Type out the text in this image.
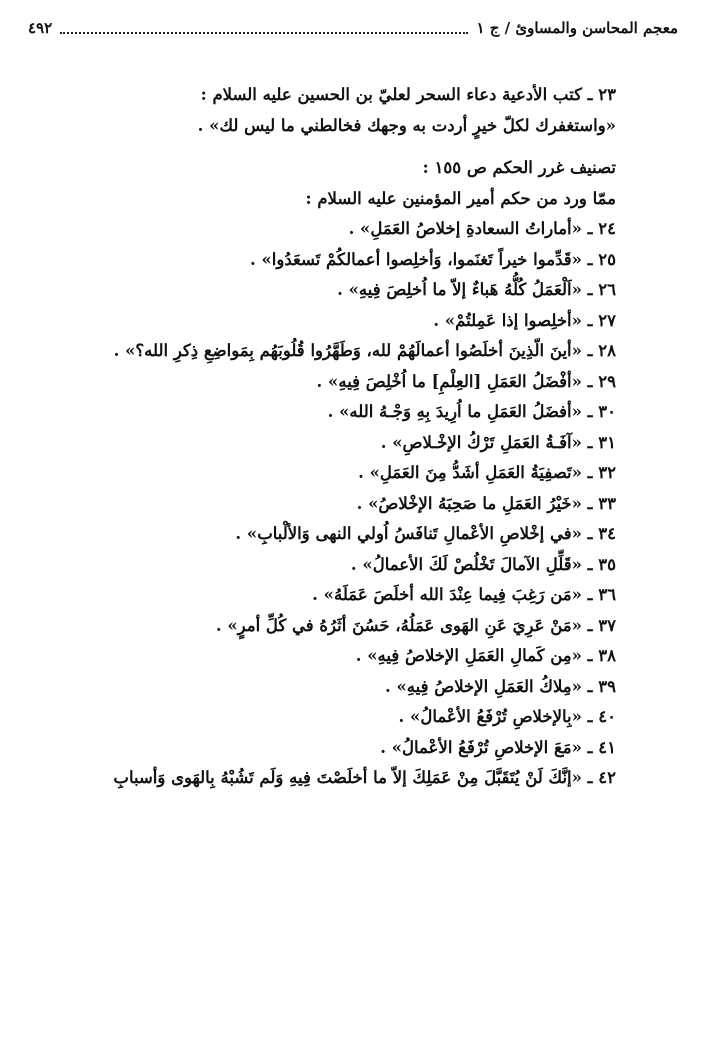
معجم المحاسن والمساوئ / ج ١
٤٩٢
٢٣ ـ كتب الأدعية دعاء السحر لعليّ بن الحسين عليه السلام :
«واستغفرك لكلّ خيرٍ أردت به وجهك فخالطني ما ليس لك» .
تصنيف غرر الحكم ص ١٥٥ :
ممّا ورد من حكم أمير المؤمنين عليه السلام :
٢٤ ـ «أماراتُ السعادةِ إخلاصُ العَمَلِ» .
٢٥ ـ «قَدِّموا خيراً تَغنَموا، وَأخلِصوا أعمالكُمْ تَسعَدُوا» .
٢٦ ـ «اَلْعَمَلُ كُلُّهُ هَباءٌ إلاّ ما اُخلِصَ فِيهِ» .
٢٧ ـ «أخلِصوا إذا عَمِلتُمْ» .
٢٨ ـ «أينَ الّذِينَ أخلَصُوا أعمالَهُمْ لله، وَطَهَّرُوا قُلُوبَهُم بِمَواضِعِ ذِكرِ الله؟» .
٢٩ ـ «أفْضَلُ العَمَلِ [العِلْمِ] ما اُخْلِصَ فِيهِ» .
٣٠ ـ «أفضَلُ العَمَلِ ما اُرِيدَ بِهِ وَجْـهُ الله» .
٣١ ـ «آفَـةُ العَمَلِ تَرْكُ الإخْـلاصِ» .
٣٢ ـ «تَصفِيَةُ العَمَلِ أشَدُّ مِنَ العَمَلِ» .
٣٣ ـ «خَيْرُ العَمَلِ ما صَحِبَهُ الإخْلاصُ» .
٣٤ ـ «في إخْلاصِ الأعْمالِ تَنافَسُ اُولي النهى وَالألْبابِ» .
٣٥ ـ «قَلِّلِ الآمالَ تَخْلُصْ لَكَ الأعمالُ» .
٣٦ ـ «مَن رَغِبَ فِيما عِنْدَ الله أخلَصَ عَمَلَهُ» .
٣٧ ـ «مَنْ عَرِيَ عَنِ الهَوى عَمَلُهُ، حَسُنَ أثَرُهُ في كُلِّ أمرٍ» .
٣٨ ـ «مِن كَمالِ العَمَلِ الإخلاصُ فِيهِ» .
٣٩ ـ «مِلاكُ العَمَلِ الإخلاصُ فِيهِ» .
٤٠ ـ «بِالإخلاصِ تُرْفَعُ الأعْمالُ» .
٤١ ـ «مَعَ الإخلاصِ تُرْفَعُ الأعْمالُ» .
٤٢ ـ «إنَّكَ لَنْ يُتَقَبَّلَ مِنْ عَمَلِكَ إلاّ ما أخلَصْتَ فِيهِ وَلَم تَشُبْهُ بِالهَوى وَأسبابِ
